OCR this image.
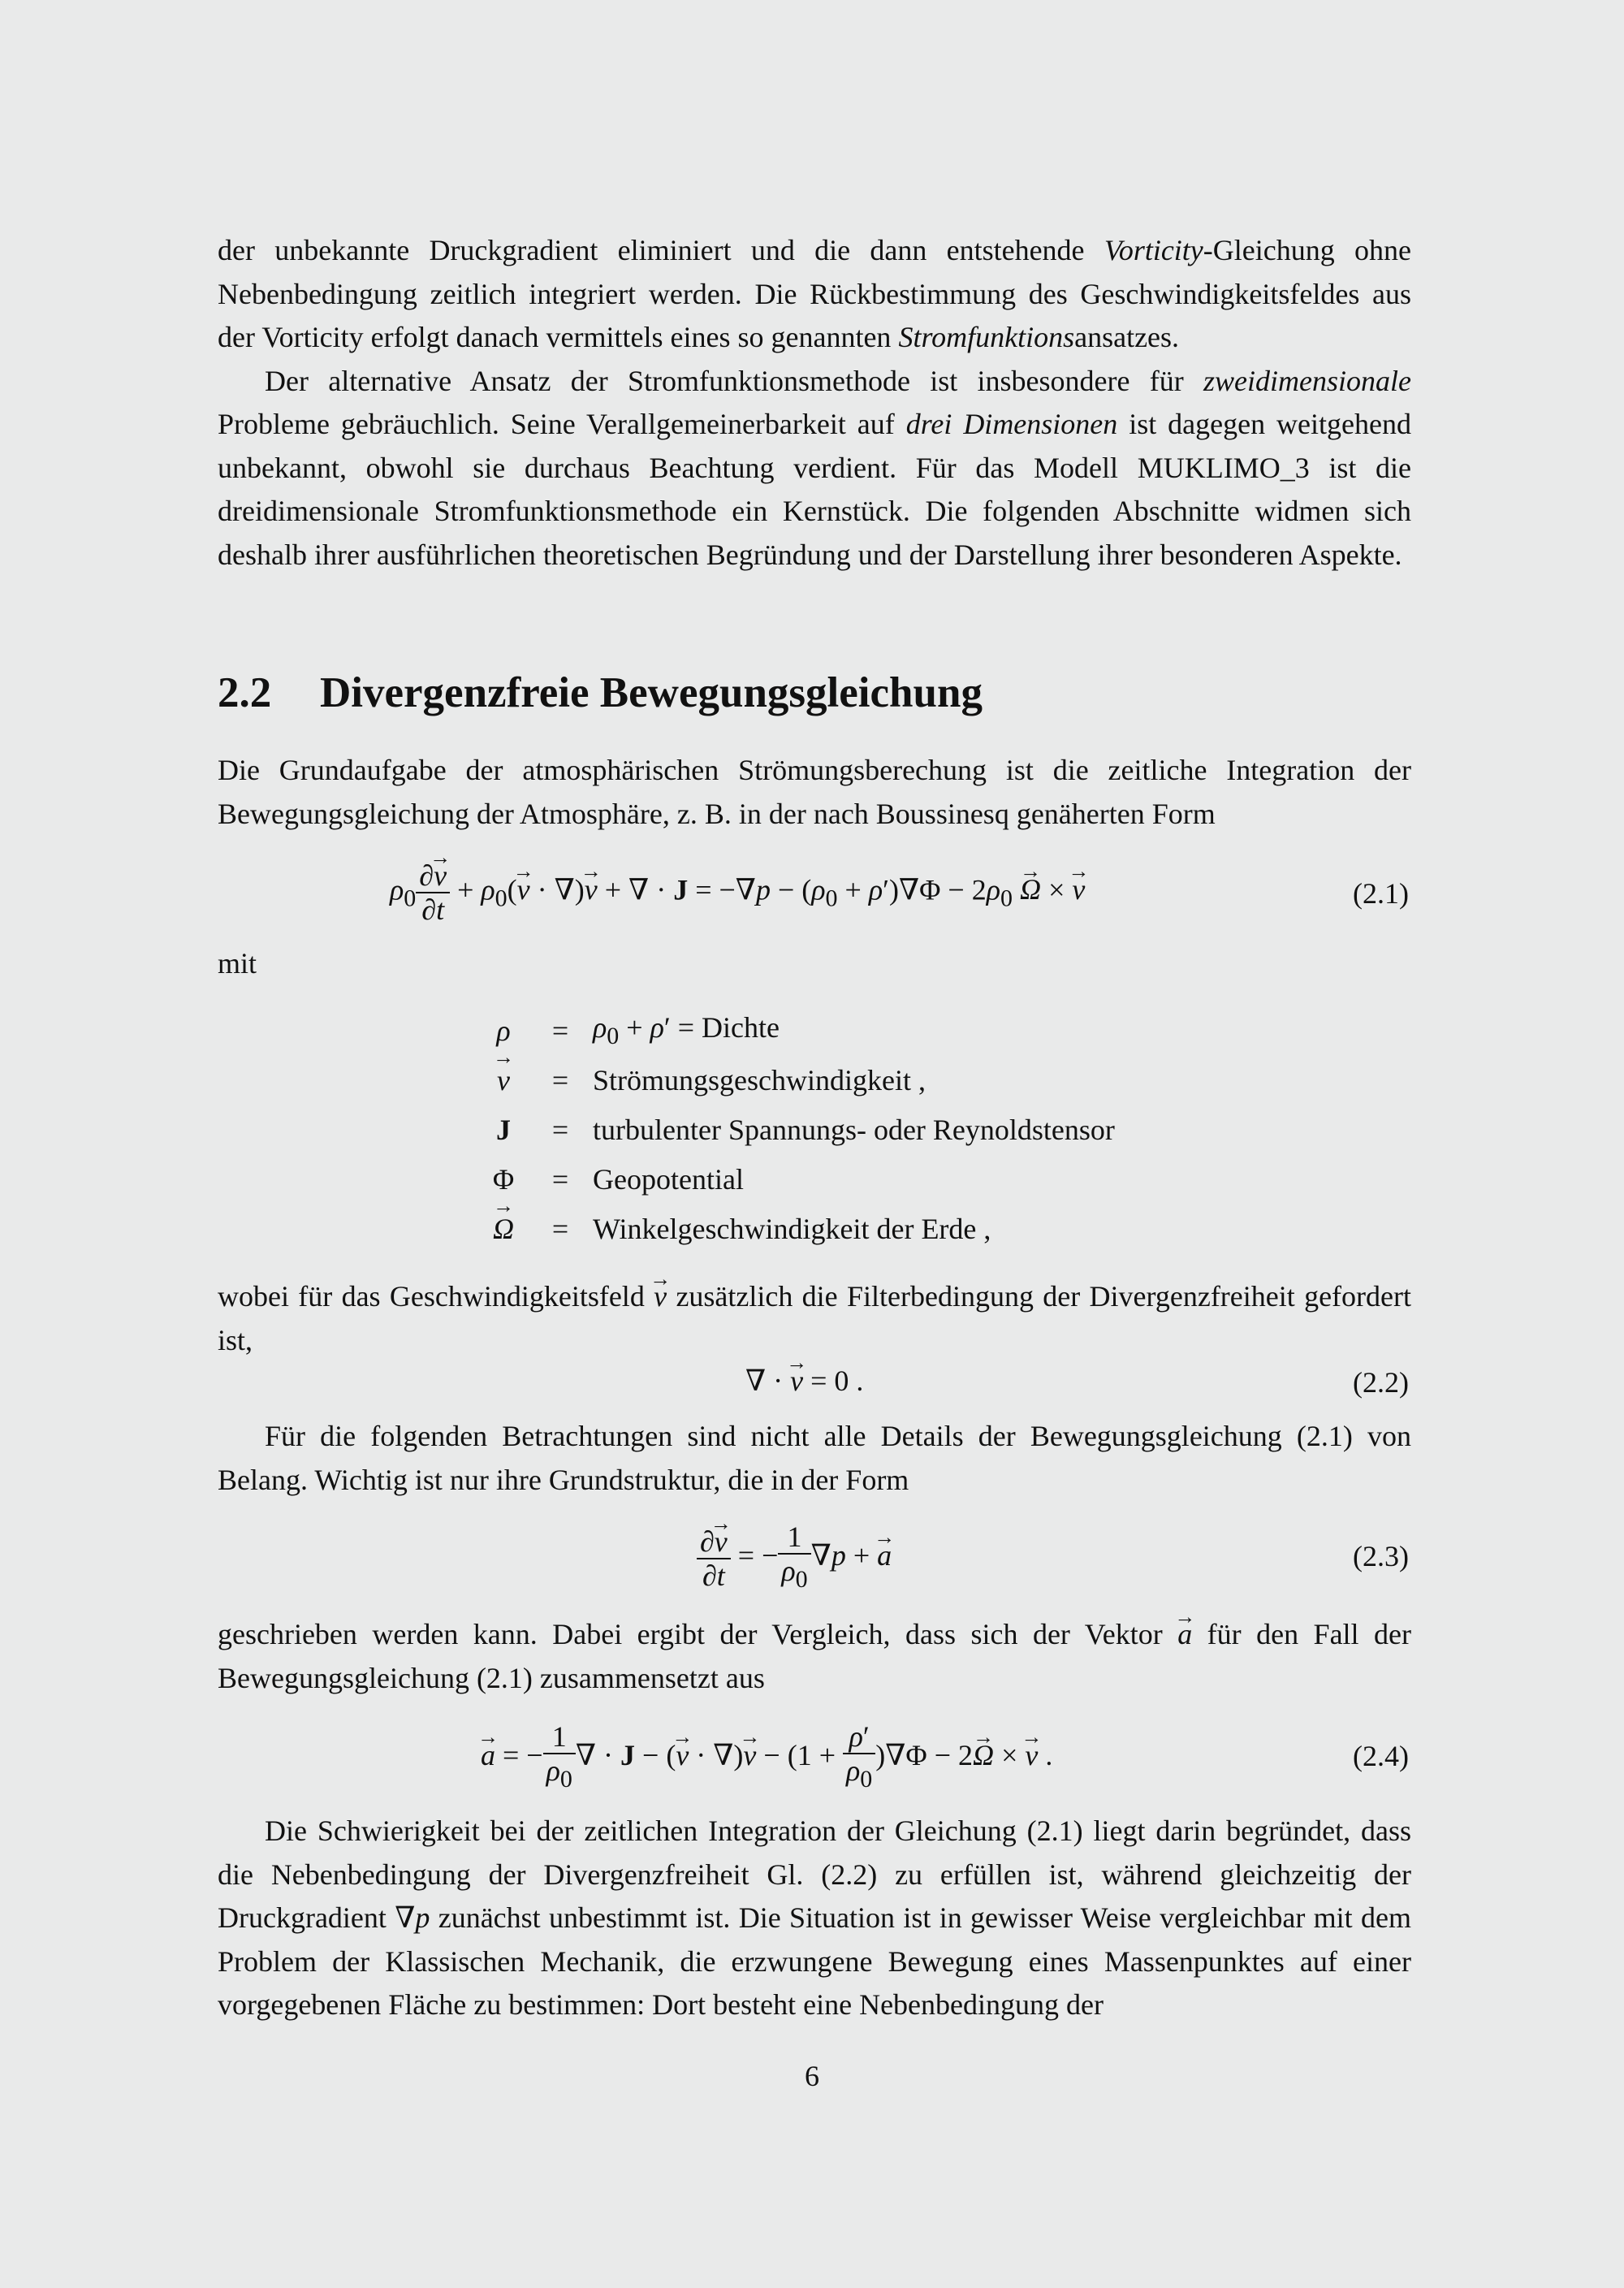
der unbekannte Druckgradient eliminiert und die dann entstehende Vorticity-Gleichung ohne Nebenbedingung zeitlich integriert werden. Die Rückbestimmung des Geschwindigkeitsfeldes aus der Vorticity erfolgt danach vermittels eines so genannten Stromfunktionsansatzes.

Der alternative Ansatz der Stromfunktionsmethode ist insbesondere für zweidimensionale Probleme gebräuchlich. Seine Verallgemeinerbarkeit auf drei Dimensionen ist dagegen weitgehend unbekannt, obwohl sie durchaus Beachtung verdient. Für das Modell MUKLIMO_3 ist die dreidimensionale Stromfunktionsmethode ein Kernstück. Die folgenden Abschnitte widmen sich deshalb ihrer ausführlichen theoretischen Begründung und der Darstellung ihrer besonderen Aspekte.

2.2 Divergenzfreie Bewegungsgleichung

Die Grundaufgabe der atmosphärischen Strömungsberechung ist die zeitliche Integration der Bewegungsgleichung der Atmosphäre, z. B. in der nach Boussinesq genäherten Form

$\rho_0 \frac{\partial\to v}{\partial t} + \rho_0(\to v$ · ∇)→ v + ∇ · $J = -\nabla p - (\rho_0 + \rho')\nabla\Phi - 2\rho_0 \to \Omega$ × → v	(2.1)

mit

ρ	=	$\rho_0 + \rho'$ = Dichte
→ v	=	Strömungsgeschwindigkeit ,
J	=	turbulenter Spannungs- oder Reynoldstensor
Φ	=	Geopotential
→ Ω	=	Winkelgeschwindigkeit der Erde ,

wobei für das Geschwindigkeitsfeld → v zusätzlich die Filterbedingung der Divergenzfreiheit gefordert ist,

∇ · → v = 0 .	(2.2)

Für die folgenden Betrachtungen sind nicht alle Details der Bewegungsgleichung (2.1) von Belang. Wichtig ist nur ihre Grundstruktur, die in der Form

$\frac{\partial\to v}{\partial t}$ = − $\frac{1}{\rho_0} \nabla p$ + → a	(2.3)

geschrieben werden kann. Dabei ergibt der Vergleich, dass sich der Vektor → a für den Fall der Bewegungsgleichung (2.1) zusammensetzt aus

→ a = − $\frac{1}{\rho_0}$ ∇ · J − (→ v · ∇)→ $v - (1 + \frac{\rho'}{\rho_0} )\nabla\Phi - 2\to \Omega$ × → v .	(2.4)

Die Schwierigkeit bei der zeitlichen Integration der Gleichung (2.1) liegt darin begründet, dass die Nebenbedingung der Divergenzfreiheit Gl. (2.2) zu erfüllen ist, während gleichzeitig der Druckgradient ∇p zunächst unbestimmt ist. Die Situation ist in gewisser Weise vergleichbar mit dem Problem der Klassischen Mechanik, die erzwungene Bewegung eines Massenpunktes auf einer vorgegebenen Fläche zu bestimmen: Dort besteht eine Nebenbedingung der

6
